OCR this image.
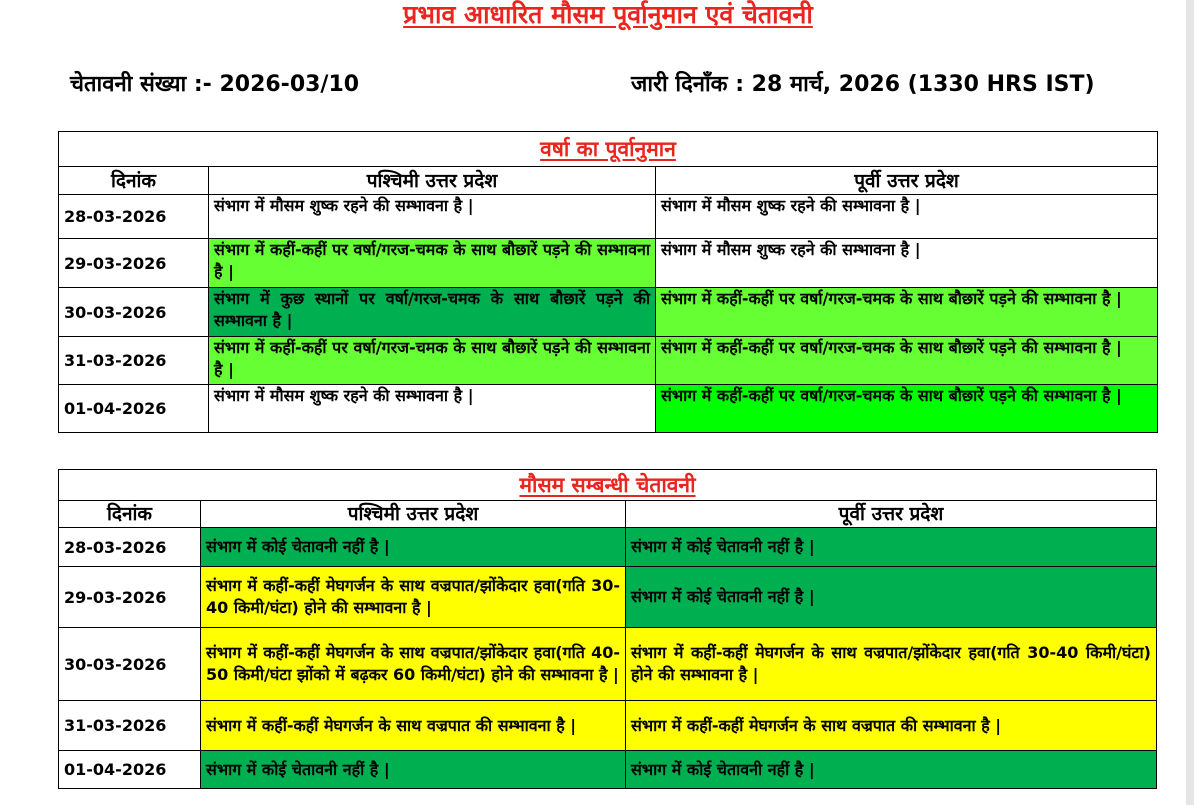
प्रभाव आधारित मौसम पूर्वानुमान एवं चेतावनी
चेतावनी संख्या :- 2026-03/10	जारी दिनाँक : 28 मार्च, 2026 (1330 HRS IST)
वर्षा का पूर्वानुमान		
दिनांक	पश्चिमी उत्तर प्रदेश	पूर्वी उत्तर प्रदेश
28-03-2026	संभाग में मौसम शुष्क रहने की सम्भावना है |	संभाग में मौसम शुष्क रहने की सम्भावना है |
29-03-2026	संभाग में कहीं-कहीं पर वर्षा/गरज-चमक के साथ बौछारें पड़ने की सम्भावना है |	संभाग में मौसम शुष्क रहने की सम्भावना है |
30-03-2026	संभाग में कुछ स्थानों पर वर्षा/गरज-चमक के साथ बौछारें पड़ने की सम्भावना है |	संभाग में कहीं-कहीं पर वर्षा/गरज-चमक के साथ बौछारें पड़ने की सम्भावना है |
31-03-2026	संभाग में कहीं-कहीं पर वर्षा/गरज-चमक के साथ बौछारें पड़ने की सम्भावना है |	संभाग में कहीं-कहीं पर वर्षा/गरज-चमक के साथ बौछारें पड़ने की सम्भावना है |
01-04-2026	संभाग में मौसम शुष्क रहने की सम्भावना है |	संभाग में कहीं-कहीं पर वर्षा/गरज-चमक के साथ बौछारें पड़ने की सम्भावना है |
मौसम सम्बन्धी चेतावनी		
दिनांक	पश्चिमी उत्तर प्रदेश	पूर्वी उत्तर प्रदेश
28-03-2026	संभाग में कोई चेतावनी नहीं है |	संभाग में कोई चेतावनी नहीं है |
29-03-2026	संभाग में कहीं-कहीं मेघगर्जन के साथ वज्रपात/झोंकेदार हवा(गति 30-40 किमी/घंटा) होने की सम्भावना है |	संभाग में कोई चेतावनी नहीं है |
30-03-2026	संभाग में कहीं-कहीं मेघगर्जन के साथ वज्रपात/झोंकेदार हवा(गति 40-50 किमी/घंटा झोंको में बढ़कर 60 किमी/घंटा) होने की सम्भावना है |	संभाग में कहीं-कहीं मेघगर्जन के साथ वज्रपात/झोंकेदार हवा(गति 30-40 किमी/घंटा) होने की सम्भावना है |
31-03-2026	संभाग में कहीं-कहीं मेघगर्जन के साथ वज्रपात की सम्भावना है |	संभाग में कहीं-कहीं मेघगर्जन के साथ वज्रपात की सम्भावना है |
01-04-2026	संभाग में कोई चेतावनी नहीं है |	संभाग में कोई चेतावनी नहीं है |
